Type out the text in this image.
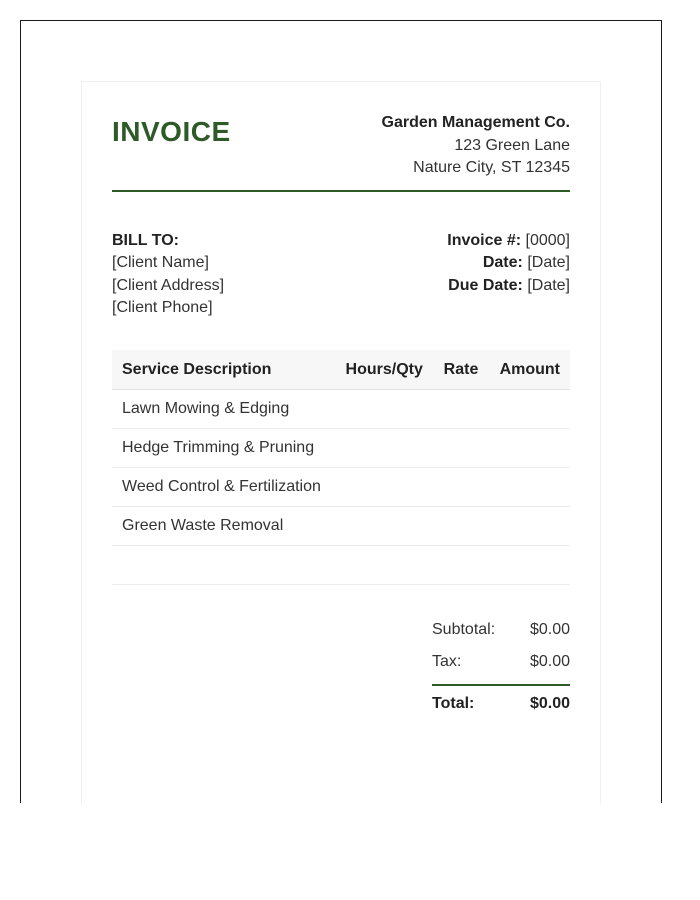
INVOICE	Garden Management Co.
123 Green Lane
Nature City, ST 12345
BILL TO:
[Client Name]
[Client Address]
[Client Phone]
Invoice #: [0000]
Date: [Date]
Due Date: [Date]
Service Description	Hours/Qty	Rate	Amount
Lawn Mowing & Edging			
Hedge Trimming & Pruning			
Weed Control & Fertilization			
Green Waste Removal			

Subtotal: $0.00
Tax:	$0.00
Total:	$0.00
